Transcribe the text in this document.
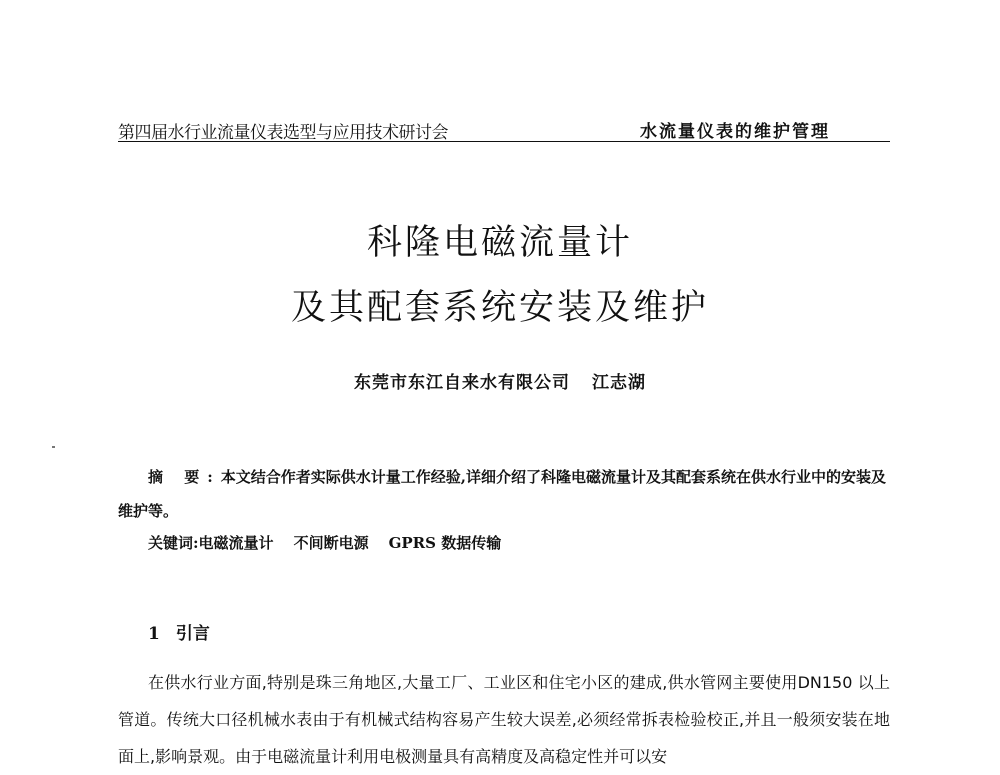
第四届水行业流量仪表选型与应用技术研讨会	水流量仪表的维护管理
科隆电磁流量计
及其配套系统安装及维护
东莞市东江自来水有限公司 江志湖
摘 要:本文结合作者实际供水计量工作经验,详细介绍了科隆电磁流量计及其配套系统在供水行业中的安装及维护等。
关键词:电磁流量计 不间断电源 GPRS 数据传输
1 引言
在供水行业方面,特别是珠三角地区,大量工厂、工业区和住宅小区的建成,供水管网主要使用DN150 以上管道。传统大口径机械水表由于有机械式结构容易产生较大误差,必须经常拆表检验校正,并且一般须安装在地面上,影响景观。由于电磁流量计利用电极测量具有高精度及高稳定性并可以安
